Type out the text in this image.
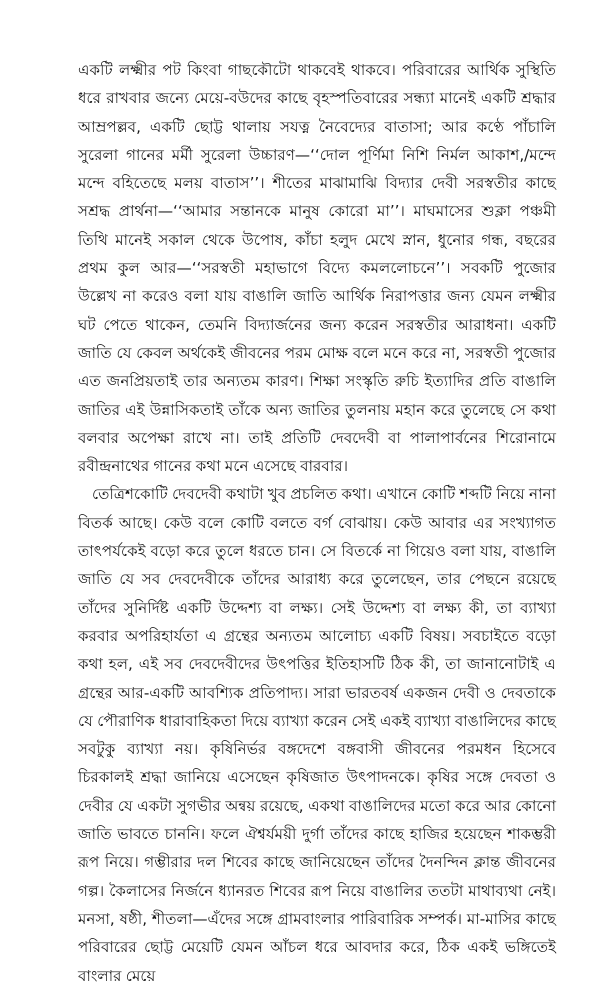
একটি লক্ষ্মীর পট কিংবা গাছকৌটো থাকবেই থাকবে। পরিবারের আর্থিক সুস্থিতি ধরে রাখবার জন্যে মেয়ে-বউদের কাছে বৃহস্পতিবারের সন্ধ্যা মানেই একটি শ্রদ্ধার আম্রপল্লব, একটি ছোট্ট থালায় সযত্ন নৈবেদ্যের বাতাসা; আর কণ্ঠে পাঁচালি সুরেলা গানের মর্মী সুরেলা উচ্চারণ—‘‘দোল পূর্ণিমা নিশি নির্মল আকাশ,/মন্দে মন্দে বহিতেছে মলয় বাতাস’’। শীতের মাঝামাঝি বিদ্যার দেবী সরস্বতীর কাছে সশ্রদ্ধ প্রার্থনা—‘‘আমার সন্তানকে মানুষ কোরো মা’’। মাঘমাসের শুক্লা পঞ্চমী তিথি মানেই সকাল থেকে উপোষ, কাঁচা হলুদ মেখে স্নান, ধুনোর গন্ধ, বছরের প্রথম কুল আর—‘‘সরস্বতী মহাভাগে বিদ্যে কমললোচনে’’। সবকটি পুজোর উল্লেখ না করেও বলা যায় বাঙালি জাতি আর্থিক নিরাপত্তার জন্য যেমন লক্ষ্মীর ঘট পেতে থাকেন, তেমনি বিদ্যার্জনের জন্য করেন সরস্বতীর আরাধনা। একটি জাতি যে কেবল অর্থকেই জীবনের পরম মোক্ষ বলে মনে করে না, সরস্বতী পুজোর এত জনপ্রিয়তাই তার অন্যতম কারণ। শিক্ষা সংস্কৃতি রুচি ইত্যাদির প্রতি বাঙালি জাতির এই উন্নাসিকতাই তাঁকে অন্য জাতির তুলনায় মহান করে তুলেছে সে কথা বলবার অপেক্ষা রাখে না। তাই প্রতিটি দেবদেবী বা পালাপার্বনের শিরোনামে রবীন্দ্রনাথের গানের কথা মনে এসেছে বারবার।

তেত্রিশকোটি দেবদেবী কথাটা খুব প্রচলিত কথা। এখানে কোটি শব্দটি নিয়ে নানা বিতর্ক আছে। কেউ বলে কোটি বলতে বর্গ বোঝায়। কেউ আবার এর সংখ্যাগত তাৎপর্যকেই বড়ো করে তুলে ধরতে চান। সে বিতর্কে না গিয়েও বলা যায়, বাঙালি জাতি যে সব দেবদেবীকে তাঁদের আরাধ্য করে তুলেছেন, তার পেছনে রয়েছে তাঁদের সুনির্দিষ্ট একটি উদ্দেশ্য বা লক্ষ্য। সেই উদ্দেশ্য বা লক্ষ্য কী, তা ব্যাখ্যা করবার অপরিহার্যতা এ গ্রন্থের অন্যতম আলোচ্য একটি বিষয়। সবচাইতে বড়ো কথা হল, এই সব দেবদেবীদের উৎপত্তির ইতিহাসটি ঠিক কী, তা জানানোটাই এ গ্রন্থের আর-একটি আবশ্যিক প্রতিপাদ্য। সারা ভারতবর্ষ একজন দেবী ও দেবতাকে যে পৌরাণিক ধারাবাহিকতা দিয়ে ব্যাখ্যা করেন সেই একই ব্যাখ্যা বাঙালিদের কাছে সবটুকু ব্যাখ্যা নয়। কৃষিনির্ভর বঙ্গদেশে বঙ্গবাসী জীবনের পরমধন হিসেবে চিরকালই শ্রদ্ধা জানিয়ে এসেছেন কৃষিজাত উৎপাদনকে। কৃষির সঙ্গে দেবতা ও দেবীর যে একটা সুগভীর অন্বয় রয়েছে, একথা বাঙালিদের মতো করে আর কোনো জাতি ভাবতে চাননি। ফলে ঐশ্বর্যময়ী দুর্গা তাঁদের কাছে হাজির হয়েছেন শাকম্ভরী রূপ নিয়ে। গম্ভীরার দল শিবের কাছে জানিয়েছেন তাঁদের দৈনন্দিন ক্লান্ত জীবনের গল্প। কৈলাসের নির্জনে ধ্যানরত শিবের রূপ নিয়ে বাঙালির ততটা মাথাব্যথা নেই। মনসা, ষষ্ঠী, শীতলা—এঁদের সঙ্গে গ্রামবাংলার পারিবারিক সম্পর্ক। মা-মাসির কাছে পরিবারের ছোট্ট মেয়েটি যেমন আঁচল ধরে আবদার করে, ঠিক একই ভঙ্গিতেই বাংলার মেয়ে
